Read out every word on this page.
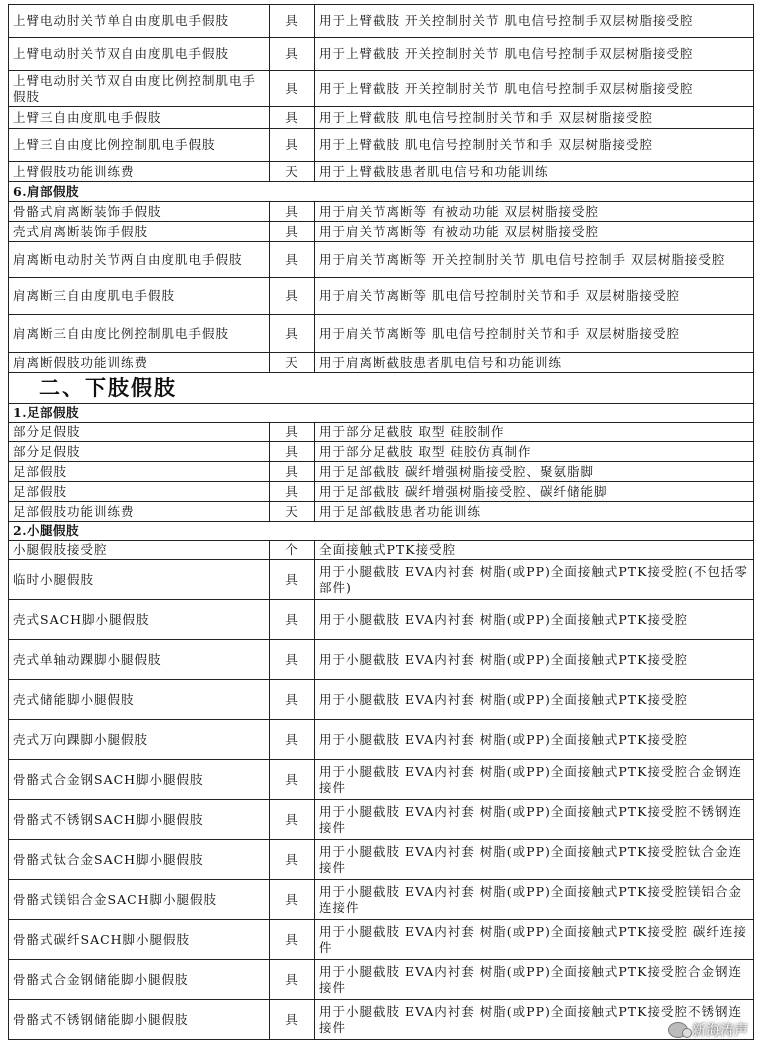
上臂电动肘关节单自由度肌电手假肢	具	用于上臂截肢 开关控制肘关节 肌电信号控制手双层树脂接受腔
上臂电动肘关节双自由度肌电手假肢	具	用于上臂截肢 开关控制肘关节 肌电信号控制手双层树脂接受腔
上臂电动肘关节双自由度比例控制肌电手假肢	具	用于上臂截肢 开关控制肘关节 肌电信号控制手双层树脂接受腔
上臂三自由度肌电手假肢	具	用于上臂截肢 肌电信号控制肘关节和手 双层树脂接受腔
上臂三自由度比例控制肌电手假肢	具	用于上臂截肢 肌电信号控制肘关节和手 双层树脂接受腔
上臂假肢功能训练费	天	用于上臂截肢患者肌电信号和功能训练
6.肩部假肢		
骨骼式肩离断装饰手假肢	具	用于肩关节离断等 有被动功能 双层树脂接受腔
壳式肩离断装饰手假肢	具	用于肩关节离断等 有被动功能 双层树脂接受腔
肩离断电动肘关节两自由度肌电手假肢	具	用于肩关节离断等 开关控制肘关节 肌电信号控制手 双层树脂接受腔
肩离断三自由度肌电手假肢	具	用于肩关节离断等 肌电信号控制肘关节和手 双层树脂接受腔
肩离断三自由度比例控制肌电手假肢	具	用于肩关节离断等 肌电信号控制肘关节和手 双层树脂接受腔
肩离断假肢功能训练费	天	用于肩离断截肢患者肌电信号和功能训练
二、下肢假肢		
1.足部假肢		
部分足假肢	具	用于部分足截肢 取型 硅胶制作
部分足假肢	具	用于部分足截肢 取型 硅胶仿真制作
足部假肢	具	用于足部截肢 碳纤增强树脂接受腔、聚氨脂脚
足部假肢	具	用于足部截肢 碳纤增强树脂接受腔、碳纤储能脚
足部假肢功能训练费	天	用于足部截肢患者功能训练
2.小腿假肢		
小腿假肢接受腔	个	全面接触式PTK接受腔
临时小腿假肢	具	用于小腿截肢 EVA内衬套 树脂(或PP)全面接触式PTK接受腔(不包括零部件)
壳式SACH脚小腿假肢	具	用于小腿截肢 EVA内衬套 树脂(或PP)全面接触式PTK接受腔
壳式单轴动踝脚小腿假肢	具	用于小腿截肢 EVA内衬套 树脂(或PP)全面接触式PTK接受腔
壳式储能脚小腿假肢	具	用于小腿截肢 EVA内衬套 树脂(或PP)全面接触式PTK接受腔
壳式万向踝脚小腿假肢	具	用于小腿截肢 EVA内衬套 树脂(或PP)全面接触式PTK接受腔
骨骼式合金钢SACH脚小腿假肢	具	用于小腿截肢 EVA内衬套 树脂(或PP)全面接触式PTK接受腔合金钢连接件
骨骼式不锈钢SACH脚小腿假肢	具	用于小腿截肢 EVA内衬套 树脂(或PP)全面接触式PTK接受腔不锈钢连接件
骨骼式钛合金SACH脚小腿假肢	具	用于小腿截肢 EVA内衬套 树脂(或PP)全面接触式PTK接受腔钛合金连接件
骨骼式镁铝合金SACH脚小腿假肢	具	用于小腿截肢 EVA内衬套 树脂(或PP)全面接触式PTK接受腔镁铝合金连接件
骨骼式碳纤SACH脚小腿假肢	具	用于小腿截肢 EVA内衬套 树脂(或PP)全面接触式PTK接受腔 碳纤连接件
骨骼式合金钢储能脚小腿假肢	具	用于小腿截肢 EVA内衬套 树脂(或PP)全面接触式PTK接受腔合金钢连接件
骨骼式不锈钢储能脚小腿假肢	具	用于小腿截肢 EVA内衬套 树脂(或PP)全面接触式PTK接受腔不锈钢连接件	新海涛声
